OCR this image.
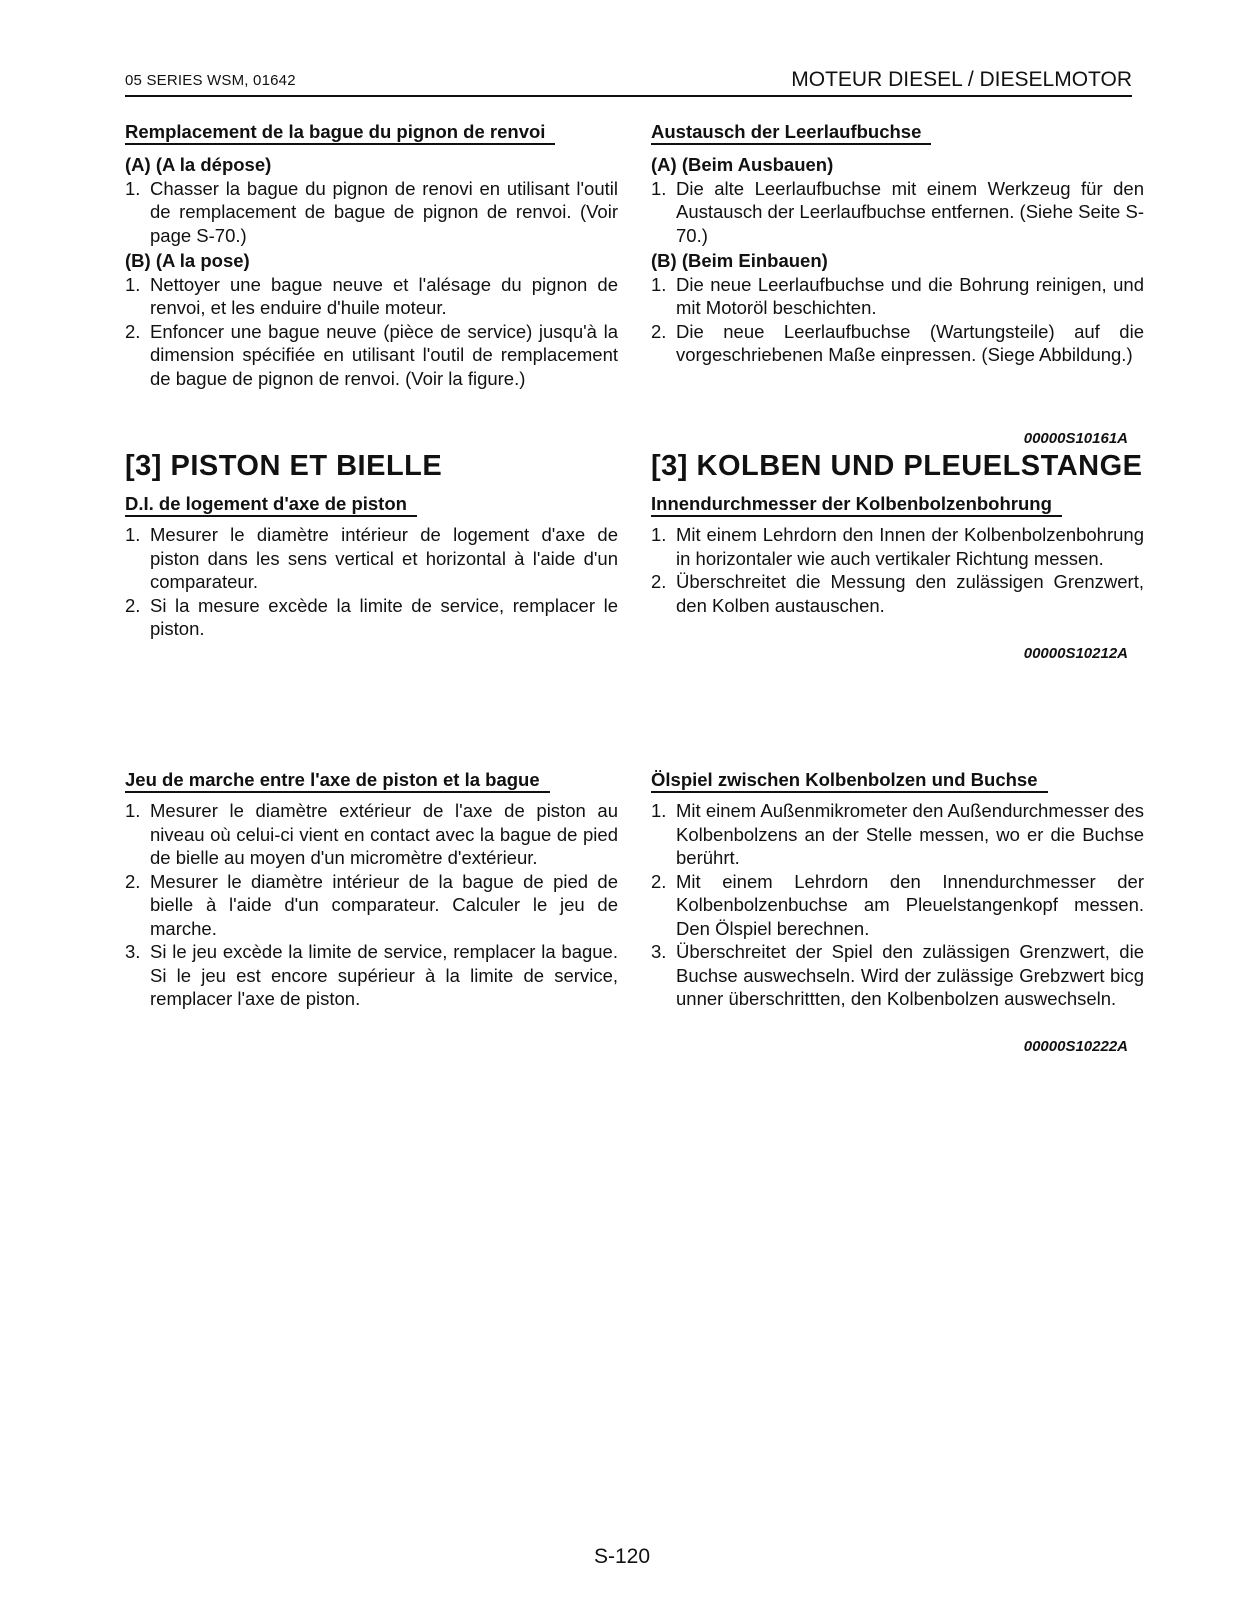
05 SERIES WSM, 01642	MOTEUR DIESEL / DIESELMOTOR
Remplacement de la bague du pignon de renvoi
(A) (A la dépose)
1. Chasser la bague du pignon de renovi en utilisant l'outil de remplacement de bague de pignon de renvoi. (Voir page S-70.)
(B) (A la pose)
1. Nettoyer une bague neuve et l'alésage du pignon de renvoi, et les enduire d'huile moteur.
2. Enfoncer une bague neuve (pièce de service) jusqu'à la dimension spécifiée en utilisant l'outil de remplacement de bague de pignon de renvoi. (Voir la figure.)
Austausch der Leerlaufbuchse
(A) (Beim Ausbauen)
1. Die alte Leerlaufbuchse mit einem Werkzeug für den Austausch der Leerlaufbuchse entfernen. (Siehe Seite S-70.)
(B) (Beim Einbauen)
1. Die neue Leerlaufbuchse und die Bohrung reinigen, und mit Motoröl beschichten.
2. Die neue Leerlaufbuchse (Wartungsteile) auf die vorgeschriebenen Maße einpressen. (Siege Abbildung.)
00000S10161A
[3] PISTON ET BIELLE	[3] KOLBEN UND PLEUELSTANGE
D.I. de logement d'axe de piston
1. Mesurer le diamètre intérieur de logement d'axe de piston dans les sens vertical et horizontal à l'aide d'un comparateur.
2. Si la mesure excède la limite de service, remplacer le piston.
Innendurchmesser der Kolbenbolzenbohrung
1. Mit einem Lehrdorn den Innen der Kolbenbolzenbohrung in horizontaler wie auch vertikaler Richtung messen.
2. Überschreitet die Messung den zulässigen Grenzwert, den Kolben austauschen.
00000S10212A
Jeu de marche entre l'axe de piston et la bague
1. Mesurer le diamètre extérieur de l'axe de piston au niveau où celui-ci vient en contact avec la bague de pied de bielle au moyen d'un micromètre d'extérieur.
2. Mesurer le diamètre intérieur de la bague de pied de bielle à l'aide d'un comparateur. Calculer le jeu de marche.
3. Si le jeu excède la limite de service, remplacer la bague. Si le jeu est encore supérieur à la limite de service, remplacer l'axe de piston.
Ölspiel zwischen Kolbenbolzen und Buchse
1. Mit einem Außenmikrometer den Außendurchmesser des Kolbenbolzens an der Stelle messen, wo er die Buchse berührt.
2. Mit einem Lehrdorn den Innendurchmesser der Kolbenbolzenbuchse am Pleuelstangenkopf messen. Den Ölspiel berechnen.
3. Überschreitet der Spiel den zulässigen Grenzwert, die Buchse auswechseln. Wird der zulässige Grebzwert bicg unner überschrittten, den Kolbenbolzen auswechseln.
00000S10222A
S-120
